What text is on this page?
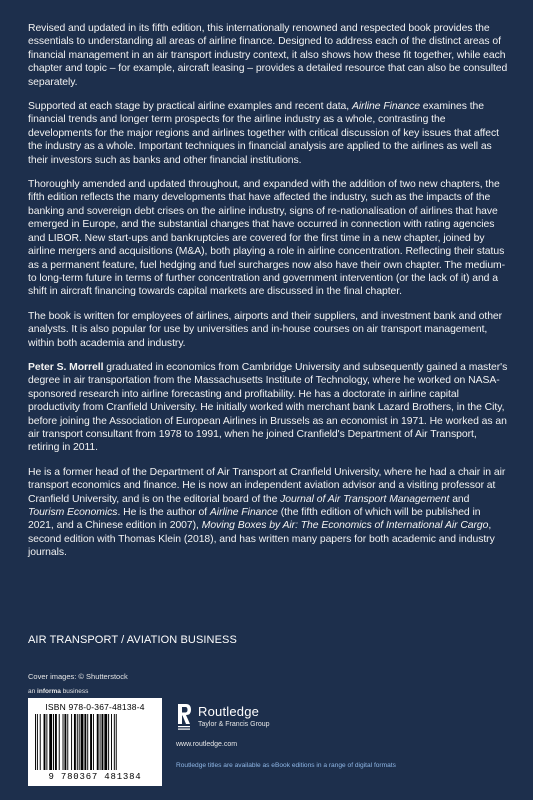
Revised and updated in its fifth edition, this internationally renowned and respected book provides the essentials to understanding all areas of airline finance. Designed to address each of the distinct areas of financial management in an air transport industry context, it also shows how these fit together, while each chapter and topic – for example, aircraft leasing – provides a detailed resource that can also be consulted separately.

Supported at each stage by practical airline examples and recent data, Airline Finance examines the financial trends and longer term prospects for the airline industry as a whole, contrasting the developments for the major regions and airlines together with critical discussion of key issues that affect the industry as a whole. Important techniques in financial analysis are applied to the airlines as well as their investors such as banks and other financial institutions.

Thoroughly amended and updated throughout, and expanded with the addition of two new chapters, the fifth edition reflects the many developments that have affected the industry, such as the impacts of the banking and sovereign debt crises on the airline industry, signs of re-nationalisation of airlines that have emerged in Europe, and the substantial changes that have occurred in connection with rating agencies and LIBOR. New start-ups and bankruptcies are covered for the first time in a new chapter, joined by airline mergers and acquisitions (M&A), both playing a role in airline concentration. Reflecting their status as a permanent feature, fuel hedging and fuel surcharges now also have their own chapter. The medium- to long-term future in terms of further concentration and government intervention (or the lack of it) and a shift in aircraft financing towards capital markets are discussed in the final chapter.

The book is written for employees of airlines, airports and their suppliers, and investment bank and other analysts. It is also popular for use by universities and in-house courses on air transport management, within both academia and industry.

Peter S. Morrell graduated in economics from Cambridge University and subsequently gained a master's degree in air transportation from the Massachusetts Institute of Technology, where he worked on NASA-sponsored research into airline forecasting and profitability. He has a doctorate in airline capital productivity from Cranfield University. He initially worked with merchant bank Lazard Brothers, in the City, before joining the Association of European Airlines in Brussels as an economist in 1971. He worked as an air transport consultant from 1978 to 1991, when he joined Cranfield's Department of Air Transport, retiring in 2011.

He is a former head of the Department of Air Transport at Cranfield University, where he had a chair in air transport economics and finance. He is now an independent aviation advisor and a visiting professor at Cranfield University, and is on the editorial board of the Journal of Air Transport Management and Tourism Economics. He is the author of Airline Finance (the fifth edition of which will be published in 2021, and a Chinese edition in 2007), Moving Boxes by Air: The Economics of International Air Cargo, second edition with Thomas Klein (2018), and has written many papers for both academic and industry journals.

AIR TRANSPORT / AVIATION BUSINESS
Cover images: © Shutterstock
an informa business
ISBN 978-0-367-48138-4
9 780367 481384
Routledge
Taylor & Francis Group
www.routledge.com
Routledge titles are available as eBook editions in a range of digital formats
